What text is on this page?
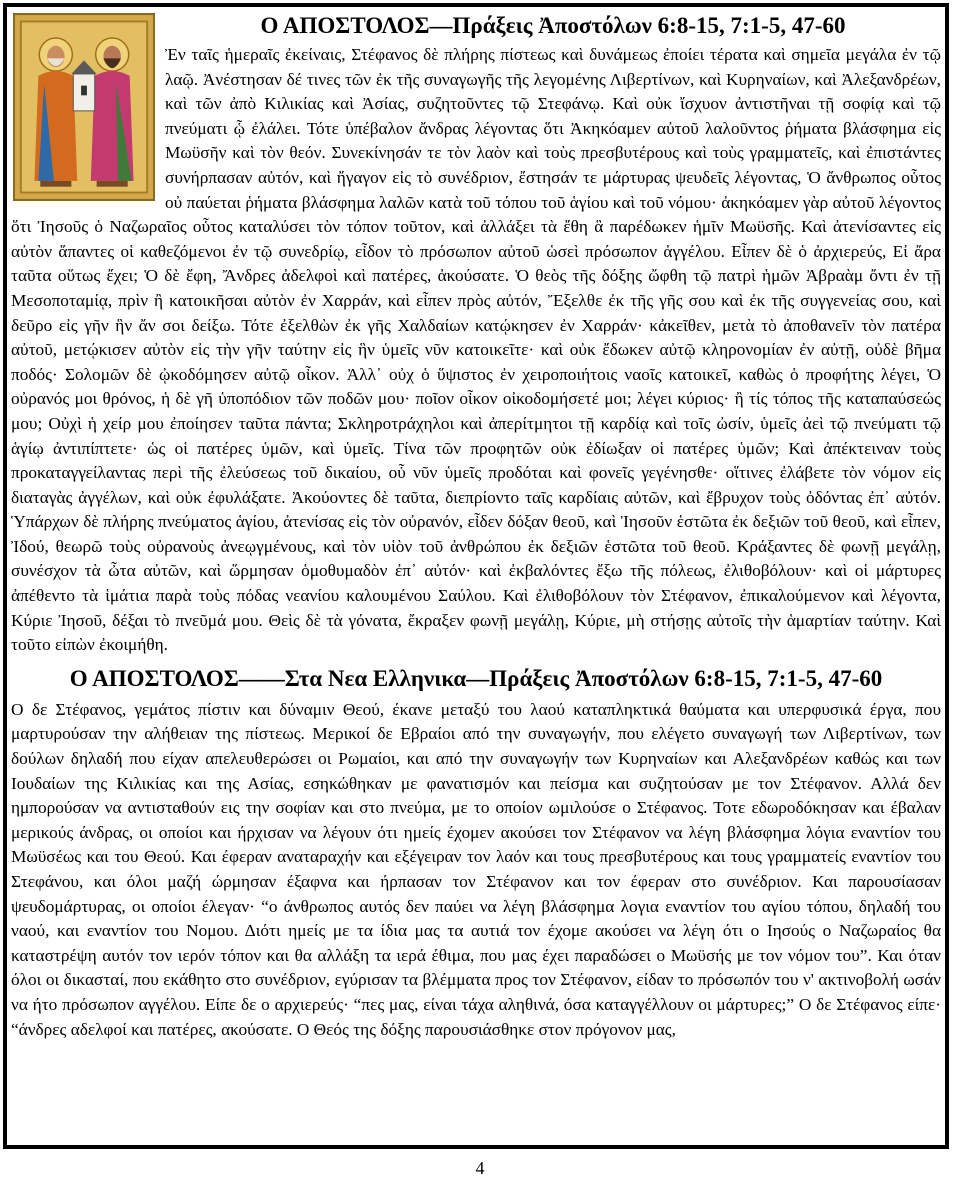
Ο ΑΠΟΣΤΟΛΟΣ—Πράξεις Ἀποστόλων 6:8-15, 7:1-5, 47-60

Ἐν ταῖς ἡμεραῖς ἐκείναις, Στέφανος δὲ πλήρης πίστεως καὶ δυνάμεως ἐποίει τέρατα καὶ σημεῖα μεγάλα ἐν τῷ λαῷ. Ἀνέστησαν δέ τινες τῶν ἐκ τῆς συναγωγῆς τῆς λεγομένης Λιβερτίνων, καὶ Κυρηναίων, καὶ Ἀλεξανδρέων, καὶ τῶν ἀπὸ Κιλικίας καὶ Ἀσίας, συζητοῦντες τῷ Στεφάνῳ. Καὶ οὐκ ἴσχυον ἀντιστῆναι τῇ σοφίᾳ καὶ τῷ πνεύματι ᾧ ἐλάλει. Τότε ὑπέβαλον ἄνδρας λέγοντας ὅτι Ἀκηκόαμεν αὐτοῦ λαλοῦντος ῥήματα βλάσφημα εἰς Μωϋσῆν καὶ τὸν θεόν. Συνεκίνησάν τε τὸν λαὸν καὶ τοὺς πρεσβυτέρους καὶ τοὺς γραμματεῖς, καὶ ἐπιστάντες συνήρπασαν αὐτόν, καὶ ἤγαγον εἰς τὸ συνέδριον, ἔστησάν τε μάρτυρας ψευδεῖς λέγοντας, Ὁ ἄνθρωπος οὗτος οὐ παύεται ῥήματα βλάσφημα λαλῶν κατὰ τοῦ τόπου τοῦ ἁγίου καὶ τοῦ νόμου· ἀκηκόαμεν γὰρ αὐτοῦ λέγοντος ὅτι Ἰησοῦς ὁ Ναζωραῖος οὗτος καταλύσει τὸν τόπον τοῦτον, καὶ ἀλλάξει τὰ ἔθη ἃ παρέδωκεν ἡμῖν Μωϋσῆς. Καὶ ἀτενίσαντες εἰς αὐτὸν ἅπαντες οἱ καθεζόμενοι ἐν τῷ συνεδρίῳ, εἶδον τὸ πρόσωπον αὐτοῦ ὡσεὶ πρόσωπον ἀγγέλου. Εἶπεν δὲ ὁ ἀρχιερεύς, Εἰ ἄρα ταῦτα οὕτως ἔχει; Ὁ δὲ ἔφη, Ἄνδρες ἀδελφοὶ καὶ πατέρες, ἀκούσατε. Ὁ θεὸς τῆς δόξης ὤφθη τῷ πατρὶ ἡμῶν Ἀβραὰμ ὄντι ἐν τῇ Μεσοποταμίᾳ, πρὶν ἢ κατοικῆσαι αὐτὸν ἐν Χαρράν, καὶ εἶπεν πρὸς αὐτόν, Ἔξελθε ἐκ τῆς γῆς σου καὶ ἐκ τῆς συγγενείας σου, καὶ δεῦρο εἰς γῆν ἣν ἄν σοι δείξω. Τότε ἐξελθὼν ἐκ γῆς Χαλδαίων κατῴκησεν ἐν Χαρράν· κἀκεῖθεν, μετὰ τὸ ἀποθανεῖν τὸν πατέρα αὐτοῦ, μετῴκισεν αὐτὸν εἰς τὴν γῆν ταύτην εἰς ἣν ὑμεῖς νῦν κατοικεῖτε· καὶ οὐκ ἔδωκεν αὐτῷ κληρονομίαν ἐν αὐτῇ, οὐδὲ βῆμα ποδός· Σολομῶν δὲ ᾠκοδόμησεν αὐτῷ οἶκον. Ἀλλ᾽ οὐχ ὁ ὕψιστος ἐν χειροποιήτοις ναοῖς κατοικεῖ, καθὼς ὁ προφήτης λέγει, Ὁ οὐρανός μοι θρόνος, ἡ δὲ γῆ ὑποπόδιον τῶν ποδῶν μου· ποῖον οἶκον οἰκοδομήσετέ μοι; λέγει κύριος· ἢ τίς τόπος τῆς καταπαύσεώς μου; Οὐχὶ ἡ χείρ μου ἐποίησεν ταῦτα πάντα; Σκληροτράχηλοι καὶ ἀπερίτμητοι τῇ καρδίᾳ καὶ τοῖς ὠσίν, ὑμεῖς ἀεὶ τῷ πνεύματι τῷ ἁγίῳ ἀντιπίπτετε· ὡς οἱ πατέρες ὑμῶν, καὶ ὑμεῖς. Τίνα τῶν προφητῶν οὐκ ἐδίωξαν οἱ πατέρες ὑμῶν; Καὶ ἀπέκτειναν τοὺς προκαταγγείλαντας περὶ τῆς ἐλεύσεως τοῦ δικαίου, οὗ νῦν ὑμεῖς προδόται καὶ φονεῖς γεγένησθε· οἵτινες ἐλάβετε τὸν νόμον εἰς διαταγὰς ἀγγέλων, καὶ οὐκ ἐφυλάξατε. Ἀκούοντες δὲ ταῦτα, διεπρίοντο ταῖς καρδίαις αὐτῶν, καὶ ἔβρυχον τοὺς ὀδόντας ἐπ᾽ αὐτόν. Ὑπάρχων δὲ πλήρης πνεύματος ἁγίου, ἀτενίσας εἰς τὸν οὐρανόν, εἶδεν δόξαν θεοῦ, καὶ Ἰησοῦν ἑστῶτα ἐκ δεξιῶν τοῦ θεοῦ, καὶ εἶπεν, Ἰδού, θεωρῶ τοὺς οὐρανοὺς ἀνεῳγμένους, καὶ τὸν υἱὸν τοῦ ἀνθρώπου ἐκ δεξιῶν ἑστῶτα τοῦ θεοῦ. Κράξαντες δὲ φωνῇ μεγάλῃ, συνέσχον τὰ ὦτα αὐτῶν, καὶ ὥρμησαν ὁμοθυμαδὸν ἐπ᾽ αὐτόν· καὶ ἐκβαλόντες ἔξω τῆς πόλεως, ἐλιθοβόλουν· καὶ οἱ μάρτυρες ἀπέθεντο τὰ ἱμάτια παρὰ τοὺς πόδας νεανίου καλουμένου Σαύλου. Καὶ ἐλιθοβόλουν τὸν Στέφανον, ἐπικαλούμενον καὶ λέγοντα, Κύριε Ἰησοῦ, δέξαι τὸ πνεῦμά μου. Θεὶς δὲ τὰ γόνατα, ἔκραξεν φωνῇ μεγάλῃ, Κύριε, μὴ στήσῃς αὐτοῖς τὴν ἁμαρτίαν ταύτην. Καὶ τοῦτο εἰπὼν ἐκοιμήθη.

Ο ΑΠΟΣΤΟΛΟΣ——Στα Νεα Ελληνικα—Πράξεις Ἀποστόλων 6:8-15, 7:1-5, 47-60

Ο δε Στέφανος, γεμάτος πίστιν και δύναμιν Θεού, έκανε μεταξύ του λαού καταπληκτικά θαύματα και υπερφυσικά έργα, που μαρτυρούσαν την αλήθειαν της πίστεως. Μερικοί δε Εβραίοι από την συναγωγήν, που ελέγετο συναγωγή των Λιβερτίνων, των δούλων δηλαδή που είχαν απελευθερώσει οι Ρωμαίοι, και από την συναγωγήν των Κυρηναίων και Αλεξανδρέων καθώς και των Ιουδαίων της Κιλικίας και της Ασίας, εσηκώθηκαν με φανατισμόν και πείσμα και συζητούσαν με τον Στέφανον. Αλλά δεν ημπορούσαν να αντισταθούν εις την σοφίαν και στο πνεύμα, με το οποίον ωμιλούσε ο Στέφανος. Τοτε εδωροδόκησαν και έβαλαν μερικούς άνδρας, οι οποίοι και ήρχισαν να λέγουν ότι ημείς έχομεν ακούσει τον Στέφανον να λέγη βλάσφημα λόγια εναντίον του Μωϋσέως και του Θεού. Και έφεραν αναταραχήν και εξέγειραν τον λαόν και τους πρεσβυτέρους και τους γραμματείς εναντίον του Στεφάνου, και όλοι μαζή ώρμησαν έξαφνα και ήρπασαν τον Στέφανον και τον έφεραν στο συνέδριον. Και παρουσίασαν ψευδομάρτυρας, οι οποίοι έλεγαν· “ο άνθρωπος αυτός δεν παύει να λέγη βλάσφημα λογια εναντίον του αγίου τόπου, δηλαδή του ναού, και εναντίον του Νομου. Διότι ημείς με τα ίδια μας τα αυτιά τον έχομε ακούσει να λέγη ότι ο Ιησούς ο Ναζωραίος θα καταστρέψη αυτόν τον ιερόν τόπον και θα αλλάξη τα ιερά έθιμα, που μας έχει παραδώσει ο Μωϋσής με τον νόμον του”. Και όταν όλοι οι δικασταί, που εκάθητο στο συνέδριον, εγύρισαν τα βλέμματα προς τον Στέφανον, είδαν το πρόσωπόν του ν' ακτινοβολή ωσάν να ήτο πρόσωπον αγγέλου. Είπε δε ο αρχιερεύς· “πες μας, είναι τάχα αληθινά, όσα καταγγέλλουν οι μάρτυρες;” Ο δε Στέφανος είπε· “άνδρες αδελφοί και πατέρες, ακούσατε. Ο Θεός της δόξης παρουσιάσθηκε στον πρόγονον μας,

4
